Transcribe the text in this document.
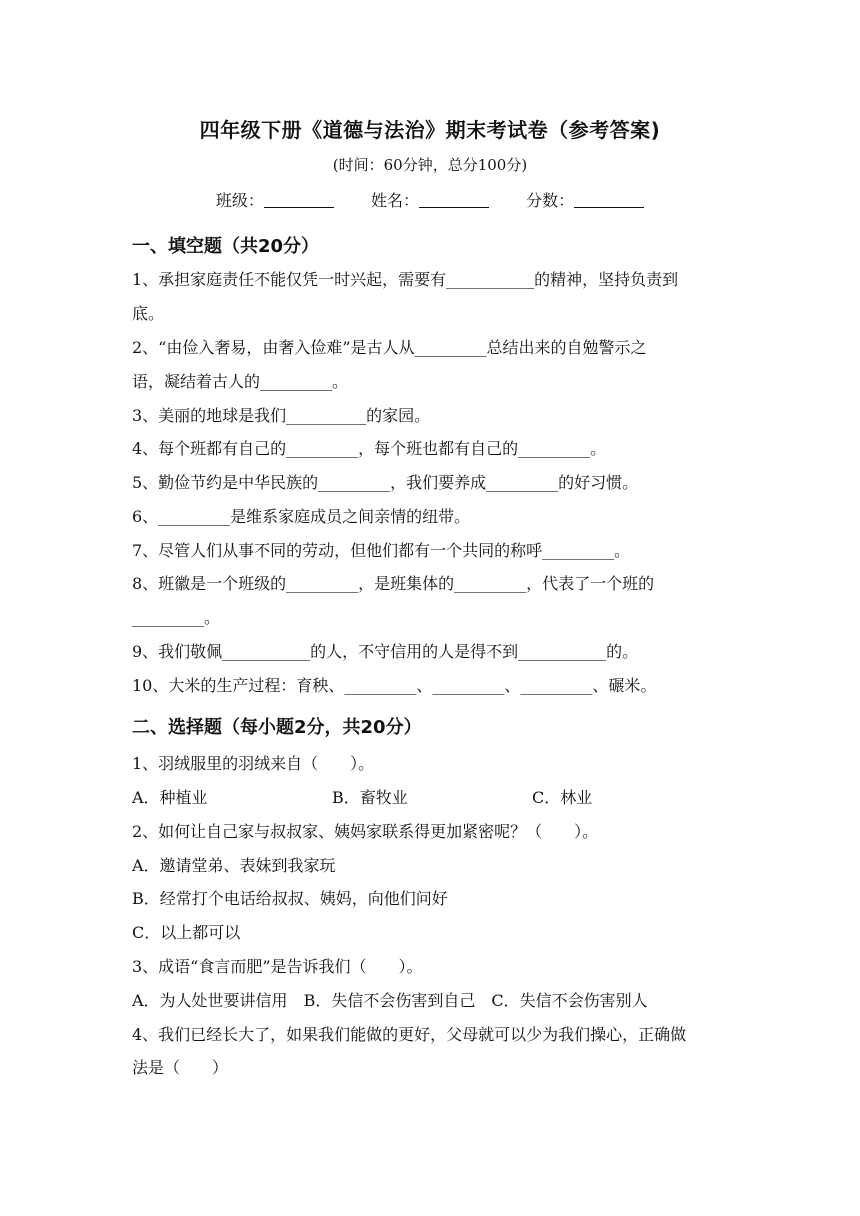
四年级下册《道德与法治》期末考试卷（参考答案)
(时间：60分钟，总分100分)
班级：	姓名：	分数：
一、填空题（共20分）
1、承担家庭责任不能仅凭一时兴起，需要有___________的精神，坚持负责到
底。
2、“由俭入奢易，由奢入俭难”是古人从_________总结出来的自勉警示之
语，凝结着古人的_________。
3、美丽的地球是我们__________的家园。
4、每个班都有自己的_________，每个班也都有自己的_________。
5、勤俭节约是中华民族的_________，我们要养成_________的好习惯。
6、_________是维系家庭成员之间亲情的纽带。
7、尽管人们从事不同的劳动，但他们都有一个共同的称呼_________。
8、班徽是一个班级的_________，是班集体的_________，代表了一个班的
_________。
9、我们敬佩___________的人，不守信用的人是得不到___________的。
10、大米的生产过程：育秧、_________、_________、_________、碾米。
二、选择题（每小题2分，共20分）
1、羽绒服里的羽绒来自（　　）。
A．种植业	B．畜牧业	C．林业
2、如何让自己家与叔叔家、姨妈家联系得更加紧密呢？（　　）。
A．邀请堂弟、表妹到我家玩
B．经常打个电话给叔叔、姨妈，向他们问好
C．以上都可以
3、成语“食言而肥”是告诉我们（　　）。
A．为人处世要讲信用 B．失信不会伤害到自己 C．失信不会伤害别人
4、我们已经长大了，如果我们能做的更好，父母就可以少为我们操心，正确做
法是（　　）
